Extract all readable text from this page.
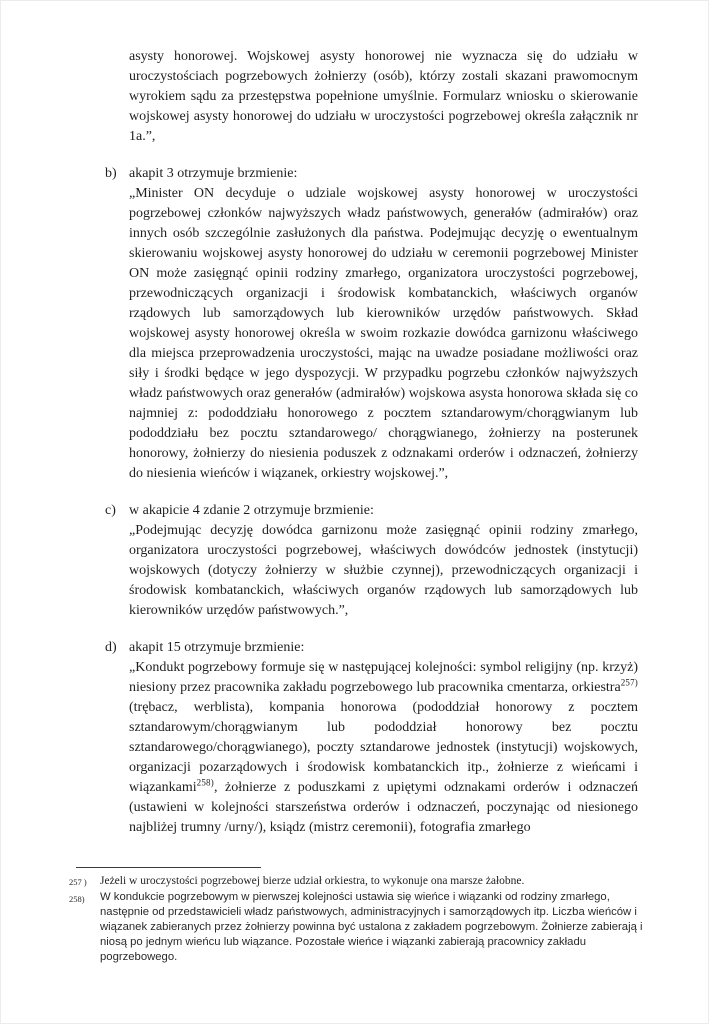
asysty honorowej. Wojskowej asysty honorowej nie wyznacza się do udziału w uroczystościach pogrzebowych żołnierzy (osób), którzy zostali skazani prawomocnym wyrokiem sądu za przestępstwa popełnione umyślnie. Formularz wniosku o skierowanie wojskowej asysty honorowej do udziału w uroczystości pogrzebowej określa załącznik nr 1a.”,

b) akapit 3 otrzymuje brzmienie:

„Minister ON decyduje o udziale wojskowej asysty honorowej w uroczystości pogrzebowej członków najwyższych władz państwowych, generałów (admirałów) oraz innych osób szczególnie zasłużonych dla państwa. Podejmując decyzję o ewentualnym skierowaniu wojskowej asysty honorowej do udziału w ceremonii pogrzebowej Minister ON może zasięgnąć opinii rodziny zmarłego, organizatora uroczystości pogrzebowej, przewodniczących organizacji i środowisk kombatanckich, właściwych organów rządowych lub samorządowych lub kierowników urzędów państwowych. Skład wojskowej asysty honorowej określa w swoim rozkazie dowódca garnizonu właściwego dla miejsca przeprowadzenia uroczystości, mając na uwadze posiadane możliwości oraz siły i środki będące w jego dyspozycji. W przypadku pogrzebu członków najwyższych władz państwowych oraz generałów (admirałów) wojskowa asysta honorowa składa się co najmniej z: pododdziału honorowego z pocztem sztandarowym/chorągwianym lub pododdziału bez pocztu sztandarowego/ chorągwianego, żołnierzy na posterunek honorowy, żołnierzy do niesienia poduszek z odznakami orderów i odznaczeń, żołnierzy do niesienia wieńców i wiązanek, orkiestry wojskowej.”,

c) w akapicie 4 zdanie 2 otrzymuje brzmienie:

„Podejmując decyzję dowódca garnizonu może zasięgnąć opinii rodziny zmarłego, organizatora uroczystości pogrzebowej, właściwych dowódców jednostek (instytucji) wojskowych (dotyczy żołnierzy w służbie czynnej), przewodniczących organizacji i środowisk kombatanckich, właściwych organów rządowych lub samorządowych lub kierowników urzędów państwowych.”,

d) akapit 15 otrzymuje brzmienie:

„Kondukt pogrzebowy formuje się w następującej kolejności: symbol religijny (np. krzyż) niesiony przez pracownika zakładu pogrzebowego lub pracownika cmentarza, orkiestra$^{257)}$ (trębacz, werblista), kompania honorowa (pododdział honorowy z pocztem sztandarowym/chorągwianym lub pododdział honorowy bez pocztu sztandarowego/chorągwianego), poczty sztandarowe jednostek (instytucji) wojskowych, organizacji pozarządowych i środowisk kombatanckich itp., żołnierze z wieńcami i wiązankami$^{258)}$, żołnierze z poduszkami z upiętymi odznakami orderów i odznaczeń (ustawieni w kolejności starszeństwa orderów i odznaczeń, poczynając od niesionego najbliżej trumny /urny/), ksiądz (mistrz ceremonii), fotografia zmarłego

257 ) Jeżeli w uroczystości pogrzebowej bierze udział orkiestra, to wykonuje ona marsze żałobne.
258) W kondukcie pogrzebowym w pierwszej kolejności ustawia się wieńce i wiązanki od rodziny zmarłego, następnie od przedstawicieli władz państwowych, administracyjnych i samorządowych itp. Liczba wieńców i wiązanek zabieranych przez żołnierzy powinna być ustalona z zakładem pogrzebowym. Żołnierze zabierają i niosą po jednym wieńcu lub wiązance. Pozostałe wieńce i wiązanki zabierają pracownicy zakładu pogrzebowego.
